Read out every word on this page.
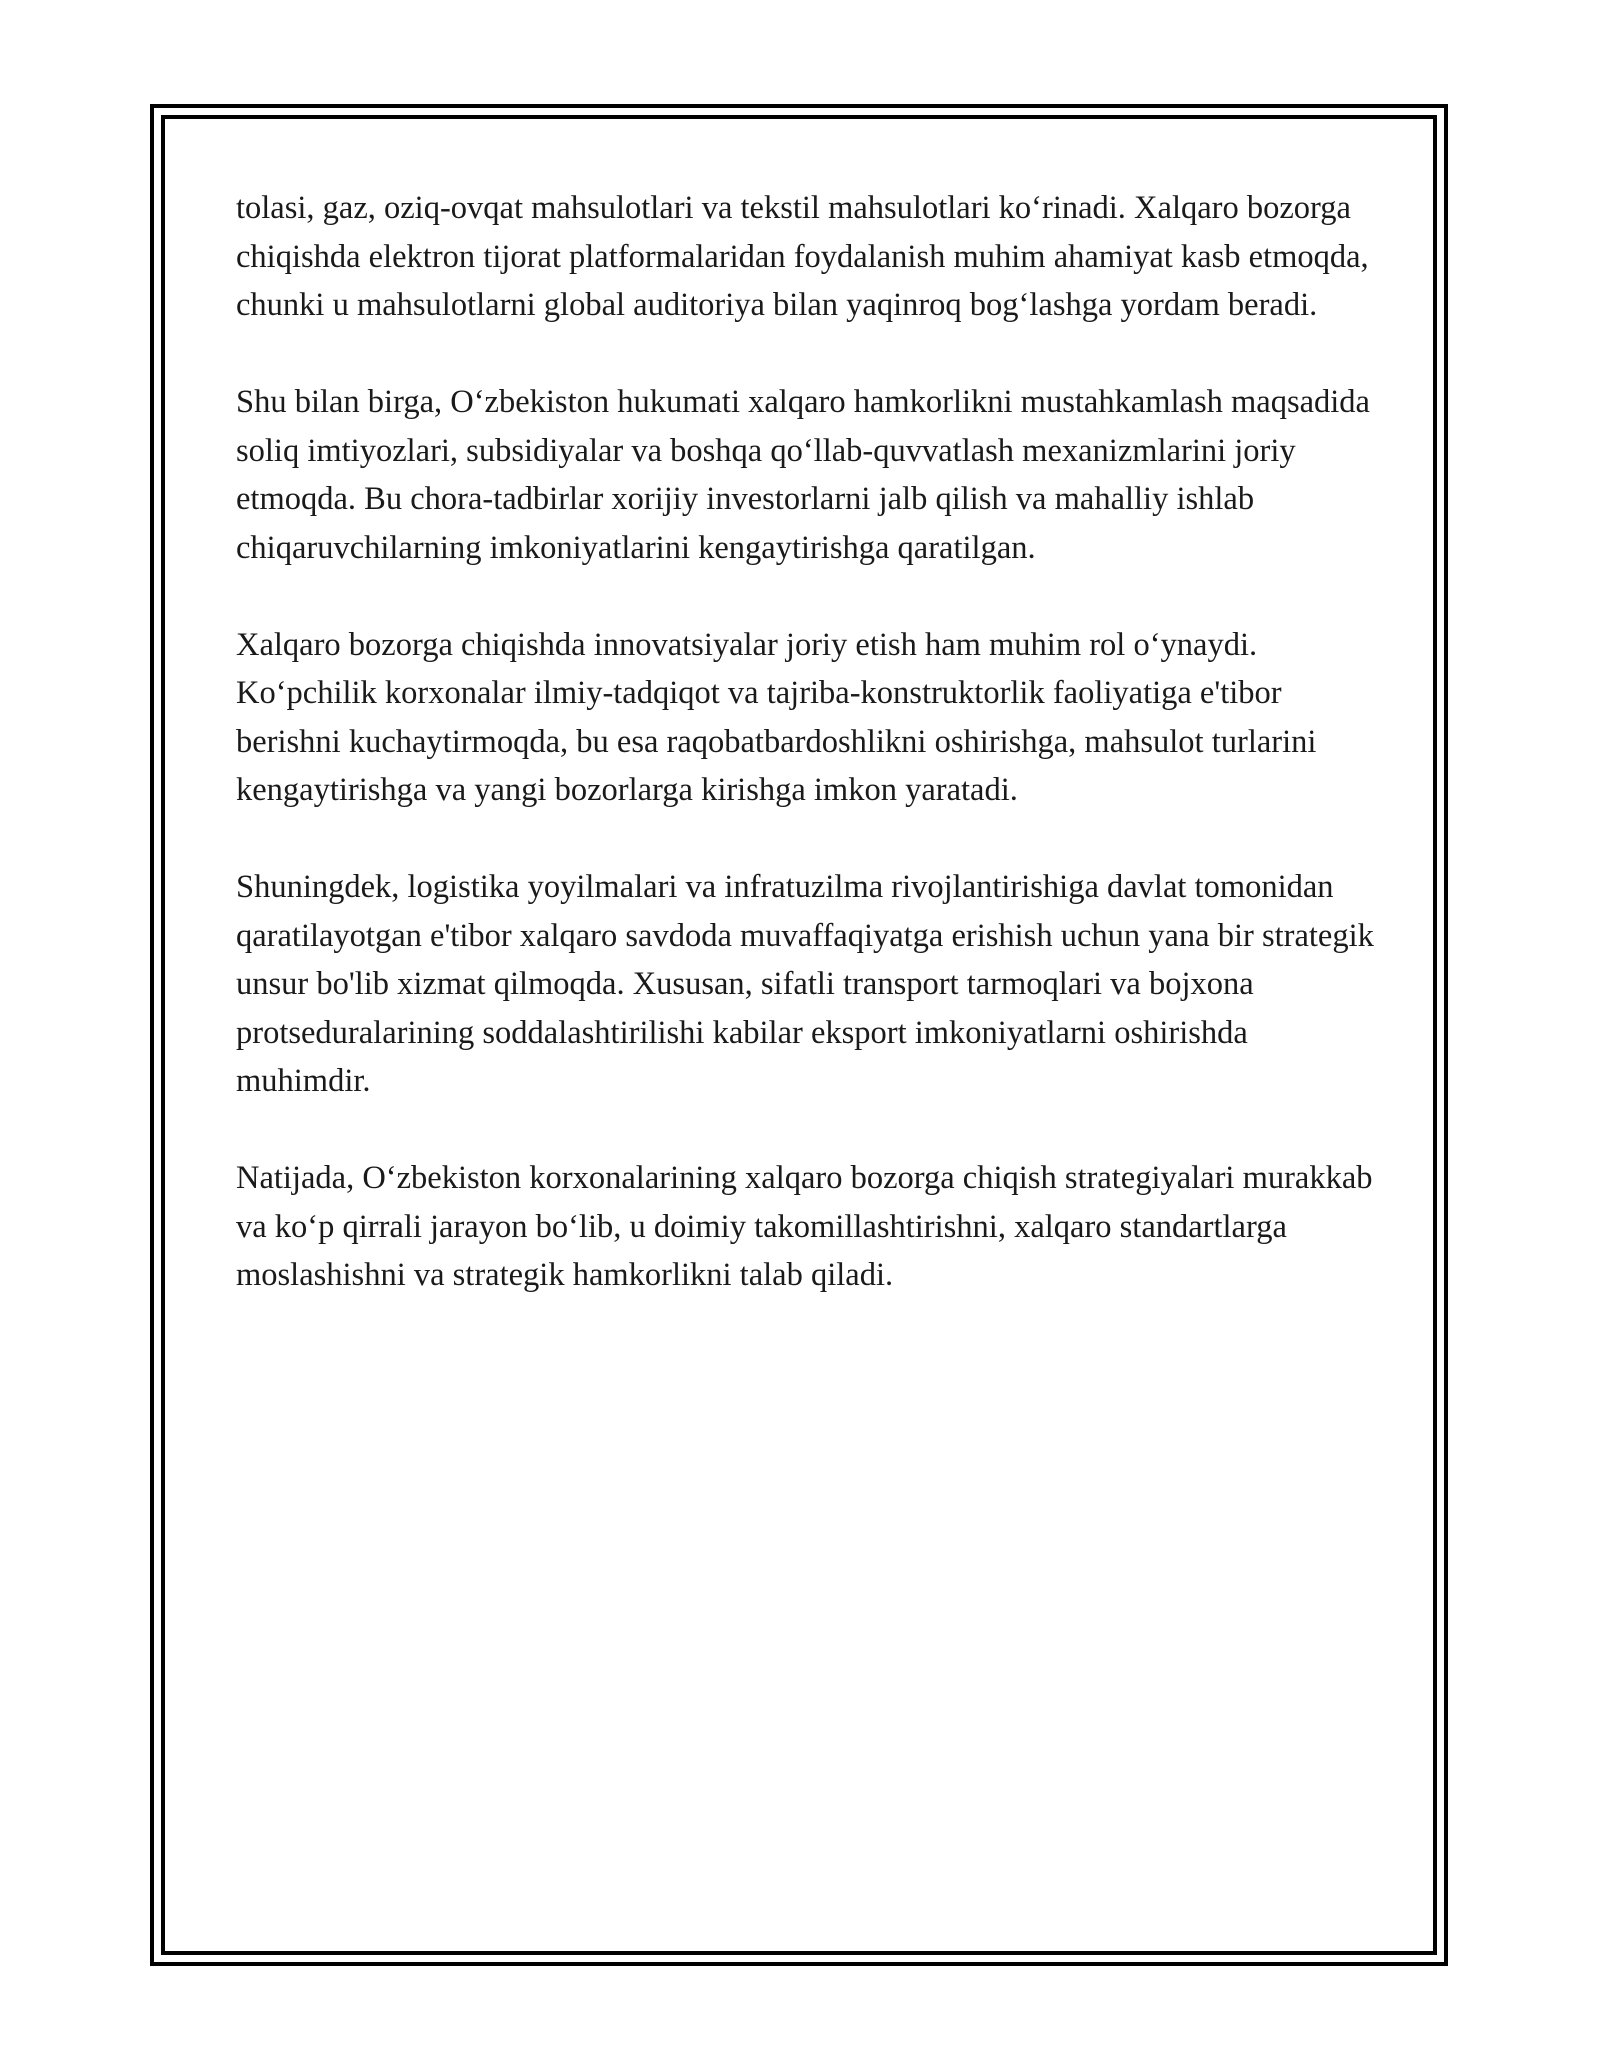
tolasi, gaz, oziq-ovqat mahsulotlari va tekstil mahsulotlari ko‘rinadi. Xalqaro bozorga chiqishda elektron tijorat platformalaridan foydalanish muhim ahamiyat kasb etmoqda, chunki u mahsulotlarni global auditoriya bilan yaqinroq bog‘lashga yordam beradi.

Shu bilan birga, O‘zbekiston hukumati xalqaro hamkorlikni mustahkamlash maqsadida soliq imtiyozlari, subsidiyalar va boshqa qo‘llab-quvvatlash mexanizmlarini joriy etmoqda. Bu chora-tadbirlar xorijiy investorlarni jalb qilish va mahalliy ishlab chiqaruvchilarning imkoniyatlarini kengaytirishga qaratilgan.

Xalqaro bozorga chiqishda innovatsiyalar joriy etish ham muhim rol o‘ynaydi. Ko‘pchilik korxonalar ilmiy-tadqiqot va tajriba-konstruktorlik faoliyatiga e'tibor berishni kuchaytirmoqda, bu esa raqobatbardoshlikni oshirishga, mahsulot turlarini kengaytirishga va yangi bozorlarga kirishga imkon yaratadi.

Shuningdek, logistika yoyilmalari va infratuzilma rivojlantirishiga davlat tomonidan qaratilayotgan e'tibor xalqaro savdoda muvaffaqiyatga erishish uchun yana bir strategik unsur bo'lib xizmat qilmoqda. Xususan, sifatli transport tarmoqlari va bojxona protseduralarining soddalashtirilishi kabilar eksport imkoniyatlarni oshirishda muhimdir.

Natijada, O‘zbekiston korxonalarining xalqaro bozorga chiqish strategiyalari murakkab va ko‘p qirrali jarayon bo‘lib, u doimiy takomillashtirishni, xalqaro standartlarga moslashishni va strategik hamkorlikni talab qiladi.
